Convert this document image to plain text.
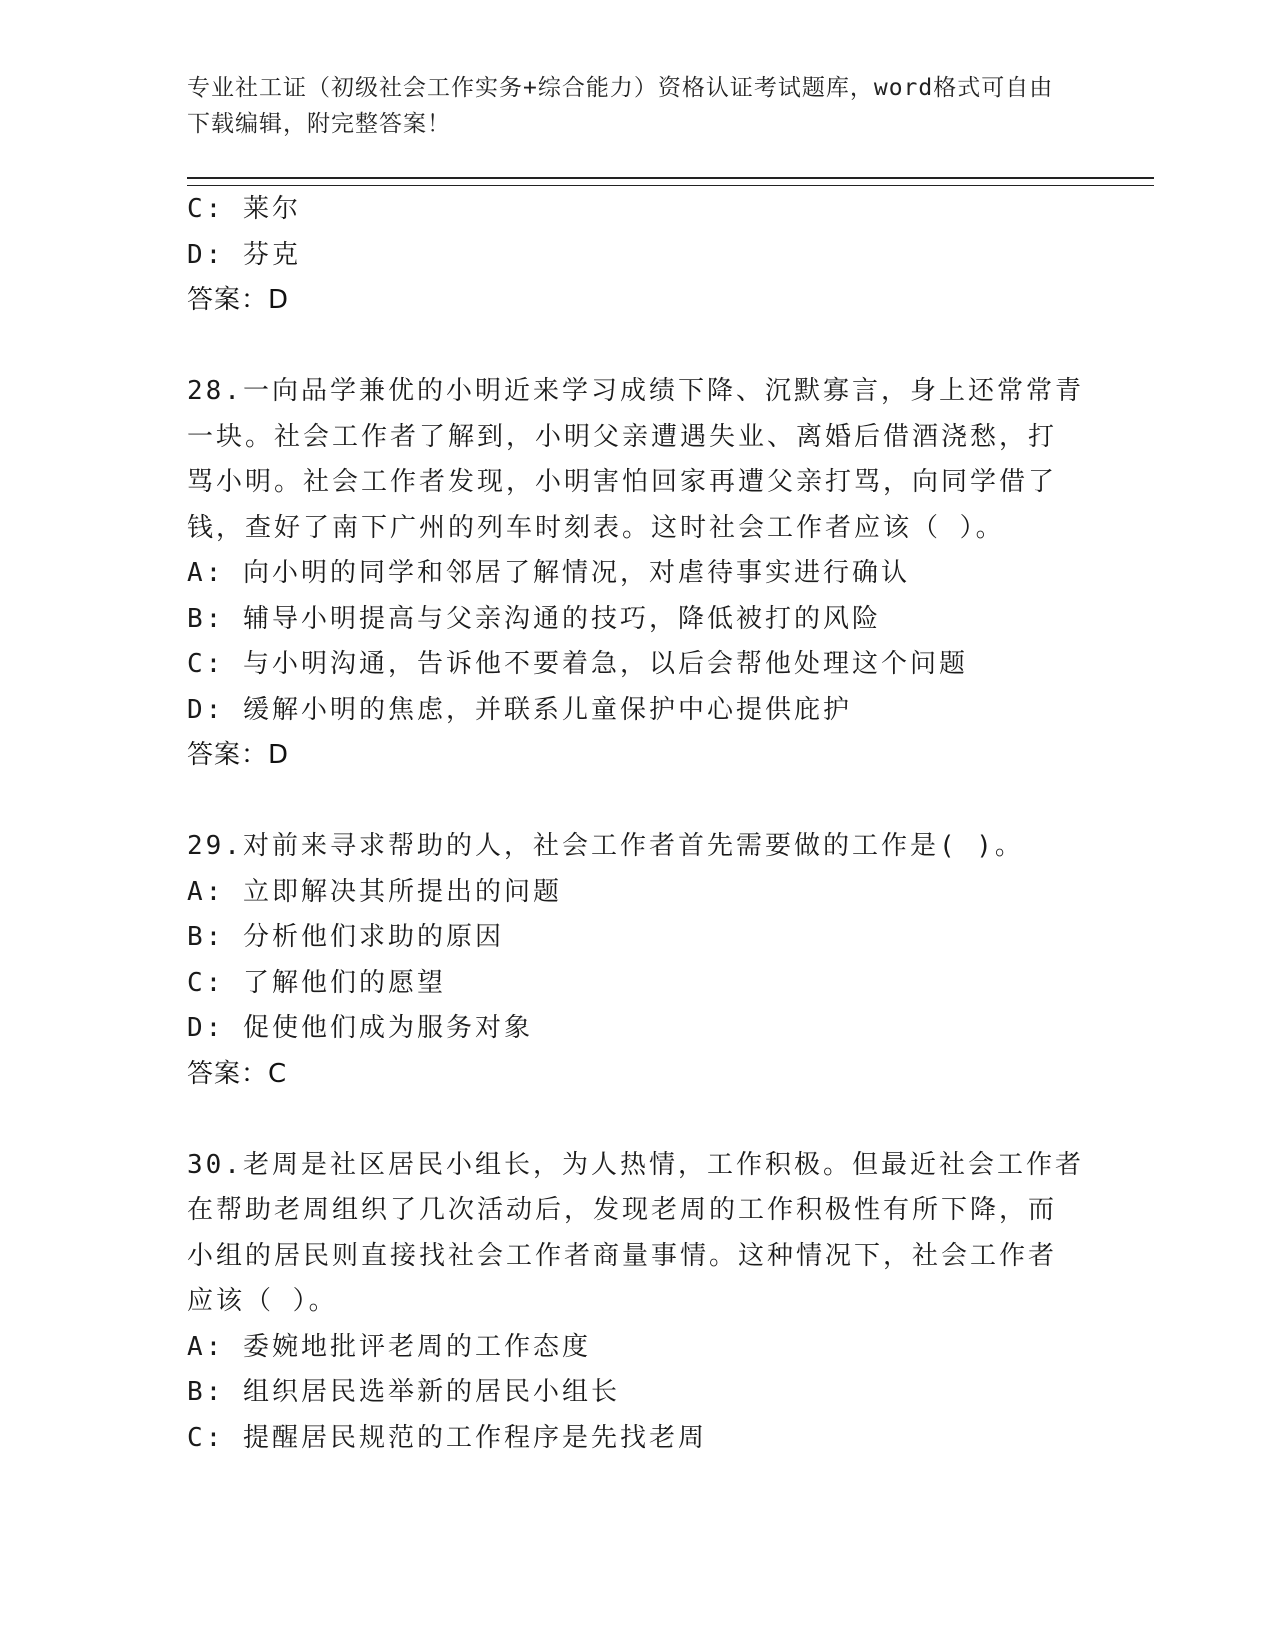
专业社工证（初级社会工作实务+综合能力）资格认证考试题库，word格式可自由
下载编辑，附完整答案！
C: 莱尔
D: 芬克
答案：D
28.一向品学兼优的小明近来学习成绩下降、沉默寡言，身上还常常青
一块。社会工作者了解到，小明父亲遭遇失业、离婚后借酒浇愁，打
骂小明。社会工作者发现，小明害怕回家再遭父亲打骂，向同学借了
钱，查好了南下广州的列车时刻表。这时社会工作者应该（ ）。
A: 向小明的同学和邻居了解情况，对虐待事实进行确认
B: 辅导小明提高与父亲沟通的技巧，降低被打的风险
C: 与小明沟通，告诉他不要着急，以后会帮他处理这个问题
D: 缓解小明的焦虑，并联系儿童保护中心提供庇护
答案：D
29.对前来寻求帮助的人，社会工作者首先需要做的工作是( )。
A: 立即解决其所提出的问题
B: 分析他们求助的原因
C: 了解他们的愿望
D: 促使他们成为服务对象
答案：C
30.老周是社区居民小组长，为人热情，工作积极。但最近社会工作者
在帮助老周组织了几次活动后，发现老周的工作积极性有所下降，而
小组的居民则直接找社会工作者商量事情。这种情况下，社会工作者
应该（ ）。
A: 委婉地批评老周的工作态度
B: 组织居民选举新的居民小组长
C: 提醒居民规范的工作程序是先找老周
